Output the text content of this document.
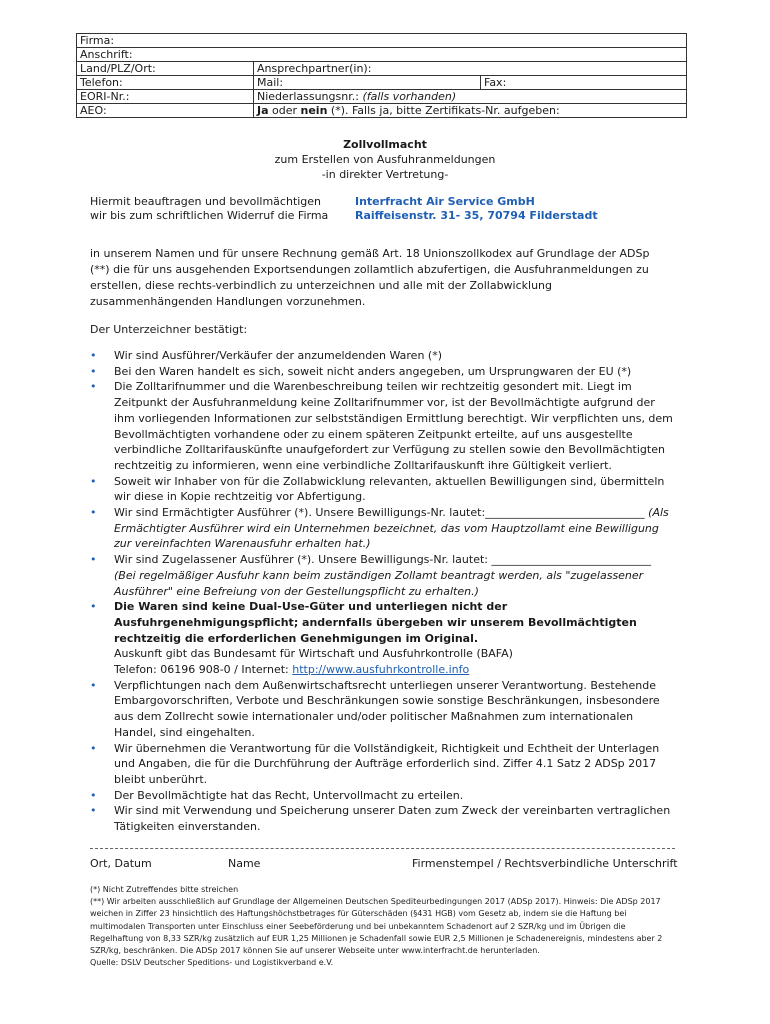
Firma:		
Anschrift:		
Land/PLZ/Ort:	Ansprechpartner(in):	
Telefon:	Mail:	Fax:
EORI-Nr.:	Niederlassungsnr.: (falls vorhanden)	
AEO:	Ja oder nein (*). Falls ja, bitte Zertifikats-Nr. aufgeben:	
Zollvollmacht
zum Erstellen von Ausfuhranmeldungen
-in direkter Vertretung-
Hiermit beauftragen und bevollmächtigen
wir bis zum schriftlichen Widerruf die Firma
Interfracht Air Service GmbH
Raiffeisenstr. 31- 35, 70794 Filderstadt
in unserem Namen und für unsere Rechnung gemäß Art. 18 Unionszollkodex auf Grundlage der ADSp (**) die für uns ausgehenden Exportsendungen zollamtlich abzufertigen, die Ausfuhranmeldungen zu erstellen, diese rechts-verbindlich zu unterzeichnen und alle mit der Zollabwicklung zusammenhängenden Handlungen vorzunehmen.
Der Unterzeichner bestätigt:
• Wir sind Ausführer/Verkäufer der anzumeldenden Waren (*)
• Bei den Waren handelt es sich, soweit nicht anders angegeben, um Ursprungwaren der EU (*)
• Die Zolltarifnummer und die Warenbeschreibung teilen wir rechtzeitig gesondert mit. Liegt im Zeitpunkt der Ausfuhranmeldung keine Zolltarifnummer vor, ist der Bevollmächtigte aufgrund der ihm vorliegenden Informationen zur selbstständigen Ermittlung berechtigt. Wir verpflichten uns, dem Bevollmächtigten vorhandene oder zu einem späteren Zeitpunkt erteilte, auf uns ausgestellte verbindliche Zolltarifauskünfte unaufgefordert zur Verfügung zu stellen sowie den Bevollmächtigten rechtzeitig zu informieren, wenn eine verbindliche Zolltarifauskunft ihre Gültigkeit verliert.
• Soweit wir Inhaber von für die Zollabwicklung relevanten, aktuellen Bewilligungen sind, übermitteln wir diese in Kopie rechtzeitig vor Abfertigung.
• Wir sind Ermächtigter Ausführer (*). Unsere Bewilligungs-Nr. lautet:_____________________________ (Als Ermächtigter Ausführer wird ein Unternehmen bezeichnet, das vom Hauptzollamt eine Bewilligung zur vereinfachten Warenausfuhr erhalten hat.)
• Wir sind Zugelassener Ausführer (*). Unsere Bewilligungs-Nr. lautet: _____________________________
(Bei regelmäßiger Ausfuhr kann beim zuständigen Zollamt beantragt werden, als "zugelassener Ausführer" eine Befreiung von der Gestellungspflicht zu erhalten.)
• Die Waren sind keine Dual-Use-Güter und unterliegen nicht der Ausfuhrgenehmigungspflicht; andernfalls übergeben wir unserem Bevollmächtigten rechtzeitig die erforderlichen Genehmigungen im Original.
Auskunft gibt das Bundesamt für Wirtschaft und Ausfuhrkontrolle (BAFA)
Telefon: 06196 908-0 / Internet: http://www.ausfuhrkontrolle.info
• Verpflichtungen nach dem Außenwirtschaftsrecht unterliegen unserer Verantwortung. Bestehende Embargovorschriften, Verbote und Beschränkungen sowie sonstige Beschränkungen, insbesondere aus dem Zollrecht sowie internationaler und/oder politischer Maßnahmen zum internationalen Handel, sind eingehalten.
• Wir übernehmen die Verantwortung für die Vollständigkeit, Richtigkeit und Echtheit der Unterlagen und Angaben, die für die Durchführung der Aufträge erforderlich sind. Ziffer 4.1 Satz 2 ADSp 2017 bleibt unberührt.
• Der Bevollmächtigte hat das Recht, Untervollmacht zu erteilen.
• Wir sind mit Verwendung und Speicherung unserer Daten zum Zweck der vereinbarten vertraglichen Tätigkeiten einverstanden.
Ort, Datum	Name	Firmenstempel / Rechtsverbindliche Unterschrift
(*) Nicht Zutreffendes bitte streichen
(**) Wir arbeiten ausschließlich auf Grundlage der Allgemeinen Deutschen Spediteurbedingungen 2017 (ADSp 2017). Hinweis: Die ADSp 2017 weichen in Ziffer 23 hinsichtlich des Haftungshöchstbetrages für Güterschäden (§431 HGB) vom Gesetz ab, indem sie die Haftung bei multimodalen Transporten unter Einschluss einer Seebeförderung und bei unbekanntem Schadenort auf 2 SZR/kg und im Übrigen die Regelhaftung von 8,33 SZR/kg zusätzlich auf EUR 1,25 Millionen je Schadenfall sowie EUR 2,5 Millionen je Schadenereignis, mindestens aber 2 SZR/kg, beschränken. Die ADSp 2017 können Sie auf unserer Webseite unter www.interfracht.de herunterladen.
Quelle: DSLV Deutscher Speditions- und Logistikverband e.V.
